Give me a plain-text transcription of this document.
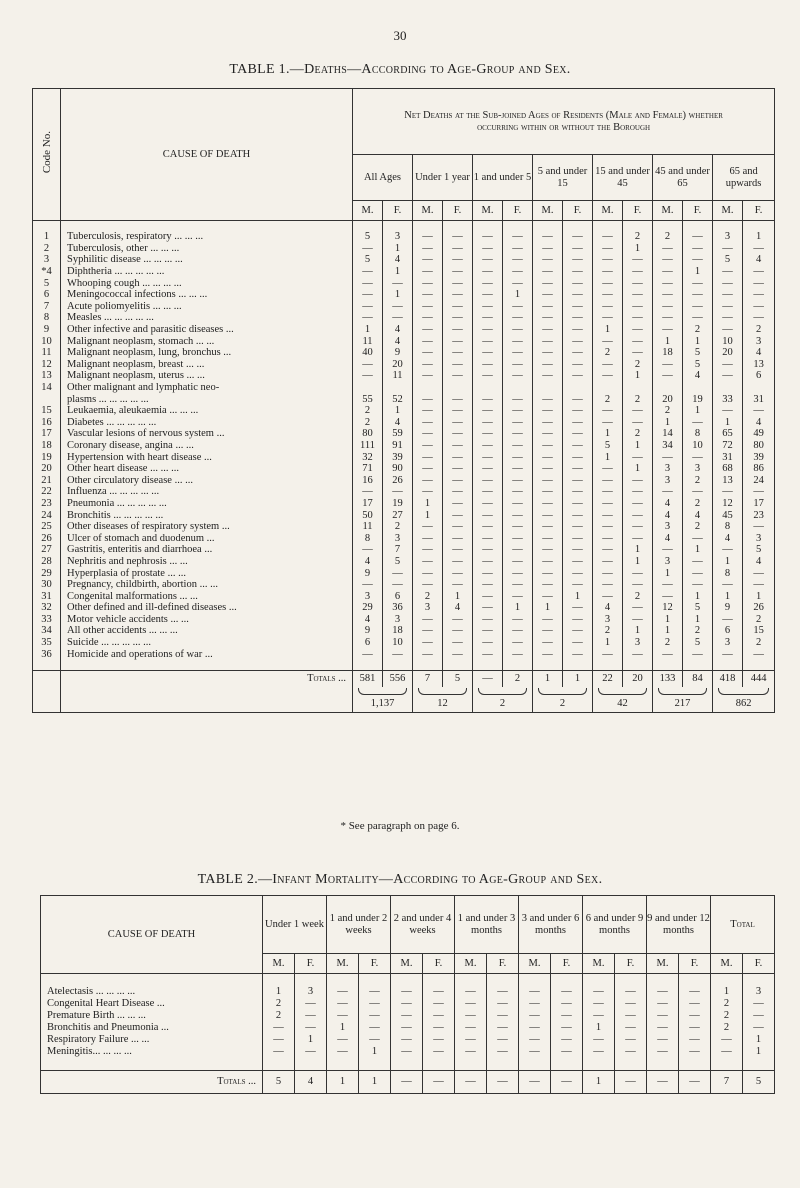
30
TABLE 1.—Deaths—According to Age-Group and Sex.
Code No.	CAUSE OF DEATH	Net Deaths at the Sub-joined Ages of Residents (Male and Female) whether occurring within or without the Borough													
		All Ages		Under 1 year		1 and under 5		5 and under 15		15 and under 45		45 and under 65		65 and upwards	
		M.	F.	M.	F.	M.	F.	M.	F.	M.	F.	M.	F.	M.	F.

1	Tuberculosis, respiratory ... ... ...	5	3	—	—	—	—	—	—	—	2	2	—	3	1
2	Tuberculosis, other ... ... ...	—	1	—	—	—	—	—	—	—	1	—	—	—	—
3	Syphilitic disease ... ... ... ...	5	4	—	—	—	—	—	—	—	—	—	—	5	4
*4	Diphtheria ... ... ... ... ...	—	1	—	—	—	—	—	—	—	—	—	1	—	—
5	Whooping cough ... ... ... ...	—	—	—	—	—	—	—	—	—	—	—	—	—	—
6	Meningococcal infections ... ... ...	—	1	—	—	—	1	—	—	—	—	—	—	—	—
7	Acute poliomyelitis ... ... ...	—	—	—	—	—	—	—	—	—	—	—	—	—	—
8	Measles ... ... ... ... ...	—	—	—	—	—	—	—	—	—	—	—	—	—	—
9	Other infective and parasitic diseases ...	1	4	—	—	—	—	—	—	1	—	—	2	—	2
10	Malignant neoplasm, stomach ... ...	11	4	—	—	—	—	—	—	—	—	1	1	10	3
11	Malignant neoplasm, lung, bronchus ...	40	9	—	—	—	—	—	—	2	—	18	5	20	4
12	Malignant neoplasm, breast ... ...	—	20	—	—	—	—	—	—	—	2	—	5	—	13
13	Malignant neoplasm, uterus ... ...	—	11	—	—	—	—	—	—	—	1	—	4	—	6
14	Other malignant and lymphatic neo-														
	plasms ... ... ... ... ...	55	52	—	—	—	—	—	—	2	2	20	19	33	31
15	Leukaemia, aleukaemia ... ... ...	2	1	—	—	—	—	—	—	—	—	2	1	—	—
16	Diabetes ... ... ... ... ...	2	4	—	—	—	—	—	—	—	—	1	—	1	4
17	Vascular lesions of nervous system ...	80	59	—	—	—	—	—	—	1	2	14	8	65	49
18	Coronary disease, angina ... ...	111	91	—	—	—	—	—	—	5	1	34	10	72	80
19	Hypertension with heart disease ...	32	39	—	—	—	—	—	—	1	—	—	—	31	39
20	Other heart disease ... ... ...	71	90	—	—	—	—	—	—	—	1	3	3	68	86
21	Other circulatory disease ... ...	16	26	—	—	—	—	—	—	—	—	3	2	13	24
22	Influenza ... ... ... ... ...	—	—	—	—	—	—	—	—	—	—	—	—	—	—
23	Pneumonia ... ... ... ... ...	17	19	1	—	—	—	—	—	—	—	4	2	12	17
24	Bronchitis ... ... ... ... ...	50	27	1	—	—	—	—	—	—	—	4	4	45	23
25	Other diseases of respiratory system ...	11	2	—	—	—	—	—	—	—	—	3	2	8	—
26	Ulcer of stomach and duodenum ...	8	3	—	—	—	—	—	—	—	—	4	—	4	3
27	Gastritis, enteritis and diarrhoea ...	—	7	—	—	—	—	—	—	—	1	—	1	—	5
28	Nephritis and nephrosis ... ...	4	5	—	—	—	—	—	—	—	1	3	—	1	4
29	Hyperplasia of prostate ... ...	9	—	—	—	—	—	—	—	—	—	1	—	8	—
30	Pregnancy, childbirth, abortion ... ...	—	—	—	—	—	—	—	—	—	—	—	—	—	—
31	Congenital malformations ... ...	3	6	2	1	—	—	—	1	—	2	—	1	1	1
32	Other defined and ill-defined diseases ...	29	36	3	4	—	1	1	—	4	—	12	5	9	26
33	Motor vehicle accidents ... ...	4	3	—	—	—	—	—	—	3	—	1	1	—	2
34	All other accidents ... ... ...	9	18	—	—	—	—	—	—	2	1	1	2	6	15
35	Suicide ... ... ... ... ...	6	10	—	—	—	—	—	—	1	3	2	5	3	2
36	Homicide and operations of war ...	—	—	—	—	—	—	—	—	—	—	—	—	—	—

	Totals ...	581	556	7	5	—	2	1	1	22	20	133	84	418	444

		1,137		12		2		2		42		217		862	
* See paragraph on page 6.
TABLE 2.—Infant Mortality—According to Age-Group and Sex.
CAUSE OF DEATH	Under 1 week		1 and under 2 weeks		2 and under 4 weeks		1 and under 3 months		3 and under 6 months		6 and under 9 months		9 and under 12 months		Total	
	M.	F.	M.	F.	M.	F.	M.	F.	M.	F.	M.	F.	M.	F.	M.	F.

Atelectasis ... ... ... ...	1	3	—	—	—	—	—	—	—	—	—	—	—	—	1	3
Congenital Heart Disease ...	2	—	—	—	—	—	—	—	—	—	—	—	—	—	2	—
Premature Birth ... ... ...	2	—	—	—	—	—	—	—	—	—	—	—	—	—	2	—
Bronchitis and Pneumonia ...	—	—	1	—	—	—	—	—	—	—	1	—	—	—	2	—
Respiratory Failure ... ...	—	1	—	—	—	—	—	—	—	—	—	—	—	—	—	1
Meningitis... ... ... ...	—	—	—	1	—	—	—	—	—	—	—	—	—	—	—	1

Totals ...	5	4	1	1	—	—	—	—	—	—	1	—	—	—	7	5
